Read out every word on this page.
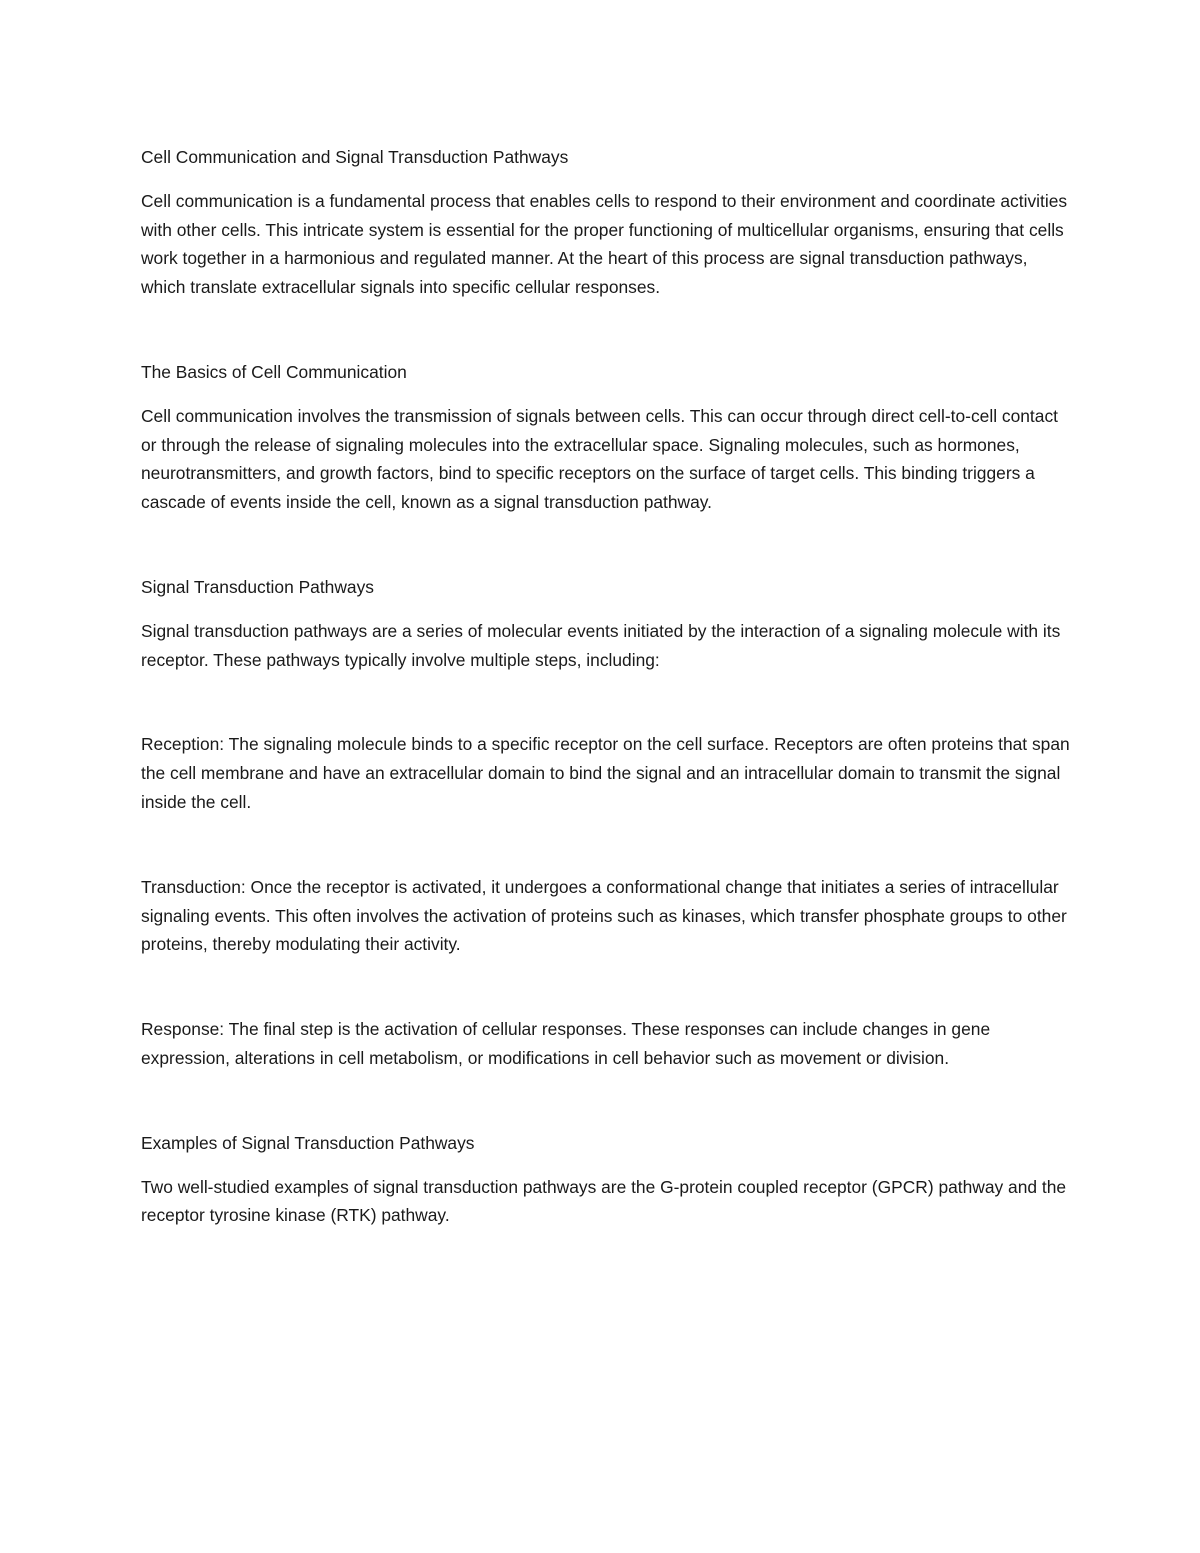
Cell Communication and Signal Transduction Pathways

Cell communication is a fundamental process that enables cells to respond to their environment and coordinate activities with other cells. This intricate system is essential for the proper functioning of multicellular organisms, ensuring that cells work together in a harmonious and regulated manner. At the heart of this process are signal transduction pathways, which translate extracellular signals into specific cellular responses.

The Basics of Cell Communication

Cell communication involves the transmission of signals between cells. This can occur through direct cell-to-cell contact or through the release of signaling molecules into the extracellular space. Signaling molecules, such as hormones, neurotransmitters, and growth factors, bind to specific receptors on the surface of target cells. This binding triggers a cascade of events inside the cell, known as a signal transduction pathway.

Signal Transduction Pathways

Signal transduction pathways are a series of molecular events initiated by the interaction of a signaling molecule with its receptor. These pathways typically involve multiple steps, including:

Reception: The signaling molecule binds to a specific receptor on the cell surface. Receptors are often proteins that span the cell membrane and have an extracellular domain to bind the signal and an intracellular domain to transmit the signal inside the cell.

Transduction: Once the receptor is activated, it undergoes a conformational change that initiates a series of intracellular signaling events. This often involves the activation of proteins such as kinases, which transfer phosphate groups to other proteins, thereby modulating their activity.

Response: The final step is the activation of cellular responses. These responses can include changes in gene expression, alterations in cell metabolism, or modifications in cell behavior such as movement or division.

Examples of Signal Transduction Pathways

Two well-studied examples of signal transduction pathways are the G-protein coupled receptor (GPCR) pathway and the receptor tyrosine kinase (RTK) pathway.
